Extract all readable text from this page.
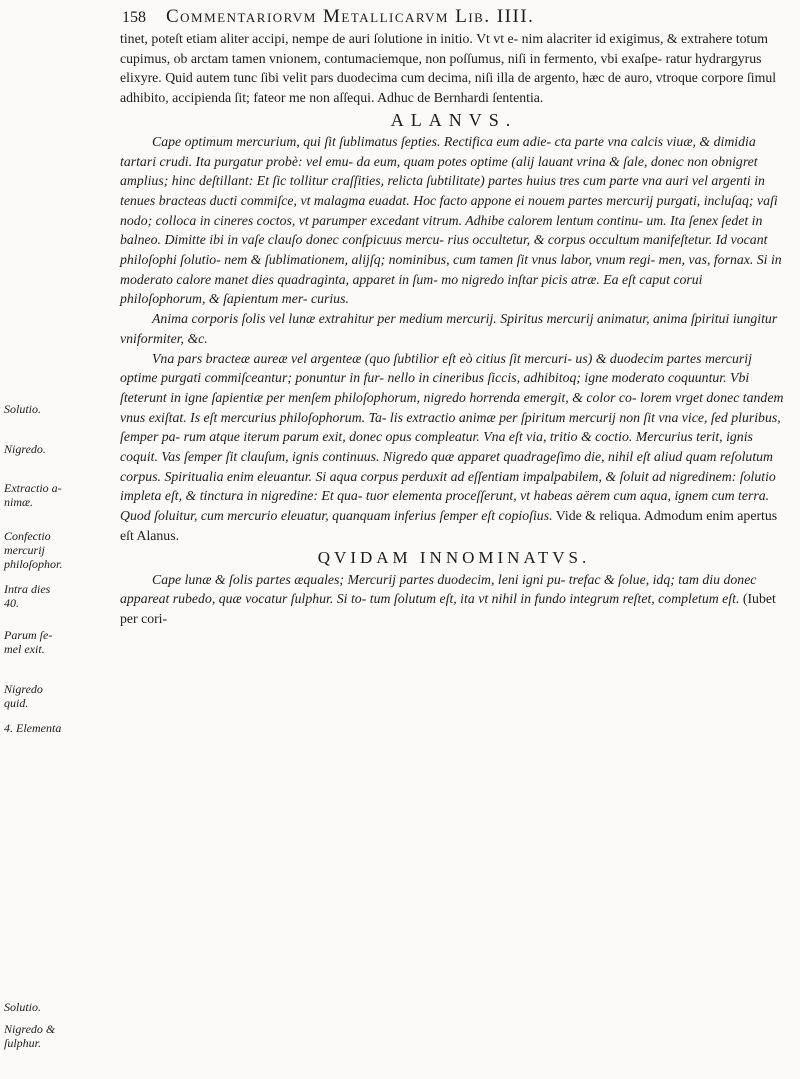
158 Commentariorvm Metallicarvm Lib. IIII.

tinet, poteſt etiam aliter accipi, nempe de auri ſolutione in initio. Vt vt e- nim alacriter id exigimus, & extrahere totum cupimus, ob arctam tamen vnionem, contumaciemque, non poſſumus, niſi in fermento, vbi exaſpe- ratur hydrargyrus elixyre. Quid autem tunc ſibi velit pars duodecima cum decima, niſi illa de argento, hæc de auro, vtroque corpore ſimul adhibito, accipienda ſit; fateor me non aſſequi. Adhuc de Bernhardi ſententia.

ALANVS.

Cape optimum mercurium, qui ſit ſublimatus ſepties. Rectifica eum adie- cta parte vna calcis viuæ, & dimidia tartari crudi. Ita purgatur probè: vel emu- da eum, quam potes optime (alij lauant vrina & ſale, donec non obnigret amplius; hinc deſtillant: Et ſic tollitur craſſities, relicta ſubtilitate) partes huius tres cum parte vna auri vel argenti in tenues bracteas ducti commiſce, vt malagma euadat. Hoc facto appone ei nouem partes mercurij purgati, incluſaq; vaſi nodo; colloca in cineres coctos, vt parumper excedant vitrum. Adhibe calorem lentum continu- um. Ita ſenex ſedet in balneo. Dimitte ibi in vaſe clauſo donec conſpicuus mercu- rius occultetur, & corpus occultum manifeſtetur. Id vocant philoſophi ſolutio- nem & ſublimationem, alijſq; nominibus, cum tamen ſit vnus labor, vnum regi- men, vas, fornax. Si in moderato calore manet dies quadraginta, apparet in ſum- mo nigredo inſtar picis atræ. Ea eſt caput corui philoſophorum, & ſapientum mer- curius.

Anima corporis ſolis vel lunæ extrahitur per medium mercurij. Spiritus mercurij animatur, anima ſpiritui iungitur vniformiter, &c.

Vna pars bracteæ aureæ vel argenteæ (quo ſubtilior eſt eò citius ſit mercuri- us) & duodecim partes mercurij optime purgati commiſceantur; ponuntur in fur- nello in cineribus ſiccis, adhibitoq; igne moderato coquuntur. Vbi ſteterunt in igne ſapientiæ per menſem philoſophorum, nigredo horrenda emergit, & color co- lorem vrget donec tandem vnus exiſtat. Is eſt mercurius philoſophorum. Ta- lis extractio animæ per ſpiritum mercurij non ſit vna vice, ſed pluribus, ſemper pa- rum atque iterum parum exit, donec opus compleatur. Vna eſt via, tritio & coctio. Mercurius terit, ignis coquit. Vas ſemper ſit clauſum, ignis continuus. Nigredo quæ apparet quadrageſimo die, nihil eſt aliud quam reſolutum corpus. Spiritualia enim eleuantur. Si aqua corpus perduxit ad eſſentiam impalpabilem, & ſoluit ad nigredinem: ſolutio impleta eſt, & tinctura in nigredine: Et qua- tuor elementa proceſſerunt, vt habeas aërem cum aqua, ignem cum terra. Quod ſoluitur, cum mercurio eleuatur, quanquam inferius ſemper eſt copioſius. Vide & reliqua. Admodum enim apertus eſt Alanus.

QVIDAM INNOMINATVS.

Cape lunæ & ſolis partes æquales; Mercurij partes duodecim, leni igni pu- trefac & ſolue, idq; tam diu donec appareat rubedo, quæ vocatur ſulphur. Si to- tum ſolutum eſt, ita vt nihil in fundo integrum reſtet, completum eſt. (Iubet per cori-

Solutio.
Nigredo.
Extractio a-
nimæ.
Confectio
mercurij
philoſophor.
Intra dies
40.
Parum ſe-
mel exit.
Nigredo
quid.
4. Elementa
Solutio.
Nigredo &
ſulphur.
